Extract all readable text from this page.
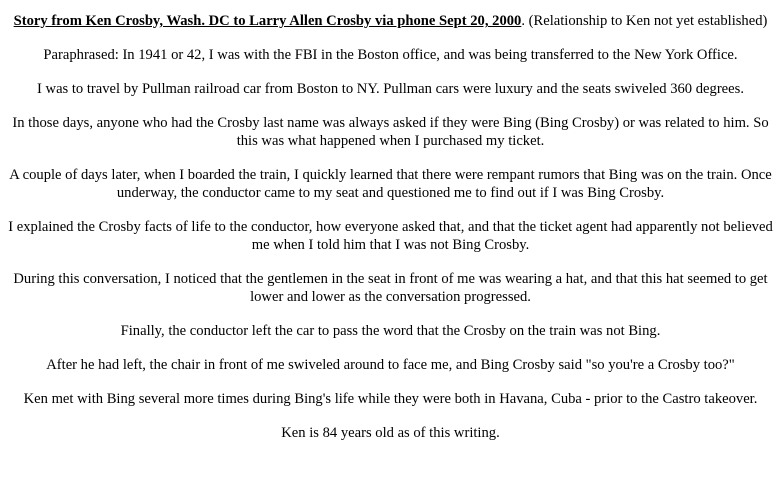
Story from Ken Crosby, Wash. DC to Larry Allen Crosby via phone Sept 20, 2000. (Relationship to Ken not yet established)

Paraphrased: In 1941 or 42, I was with the FBI in the Boston office, and was being transferred to the New York Office.

I was to travel by Pullman railroad car from Boston to NY. Pullman cars were luxury and the seats swiveled 360 degrees.

In those days, anyone who had the Crosby last name was always asked if they were Bing (Bing Crosby) or was related to him. So this was what happened when I purchased my ticket.

A couple of days later, when I boarded the train, I quickly learned that there were rempant rumors that Bing was on the train. Once underway, the conductor came to my seat and questioned me to find out if I was Bing Crosby.

I explained the Crosby facts of life to the conductor, how everyone asked that, and that the ticket agent had apparently not believed me when I told him that I was not Bing Crosby.

During this conversation, I noticed that the gentlemen in the seat in front of me was wearing a hat, and that this hat seemed to get lower and lower as the conversation progressed.

Finally, the conductor left the car to pass the word that the Crosby on the train was not Bing.

After he had left, the chair in front of me swiveled around to face me, and Bing Crosby said "so you're a Crosby too?"

Ken met with Bing several more times during Bing's life while they were both in Havana, Cuba - prior to the Castro takeover.

Ken is 84 years old as of this writing.
